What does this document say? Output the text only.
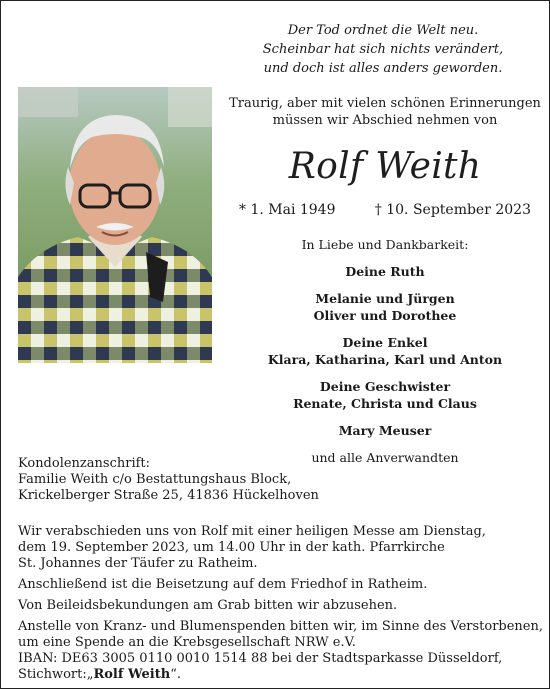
Der Tod ordnet die Welt neu.
Scheinbar hat sich nichts verändert,
und doch ist alles anders geworden.
Traurig, aber mit vielen schönen Erinnerungen
müssen wir Abschied nehmen von
Rolf Weith
* 1. Mai 1949	† 10. September 2023
In Liebe und Dankbarkeit:
Deine Ruth
Melanie und Jürgen
Oliver und Dorothee
Deine Enkel
Klara, Katharina, Karl und Anton
Deine Geschwister
Renate, Christa und Claus
Mary Meuser
und alle Anverwandten
Kondolenzanschrift:
Familie Weith c/o Bestattungshaus Block,
Krickelberger Straße 25, 41836 Hückelhoven
Wir verabschieden uns von Rolf mit einer heiligen Messe am Dienstag,
dem 19. September 2023, um 14.00 Uhr in der kath. Pfarrkirche
St. Johannes der Täufer zu Ratheim.
Anschließend ist die Beisetzung auf dem Friedhof in Ratheim.
Von Beileidsbekundungen am Grab bitten wir abzusehen.
Anstelle von Kranz- und Blumenspenden bitten wir, im Sinne des Verstorbenen,
um eine Spende an die Krebsgesellschaft NRW e.V.
IBAN: DE63 3005 0110 0010 1514 88 bei der Stadtsparkasse Düsseldorf,
Stichwort:„Rolf Weith“.
